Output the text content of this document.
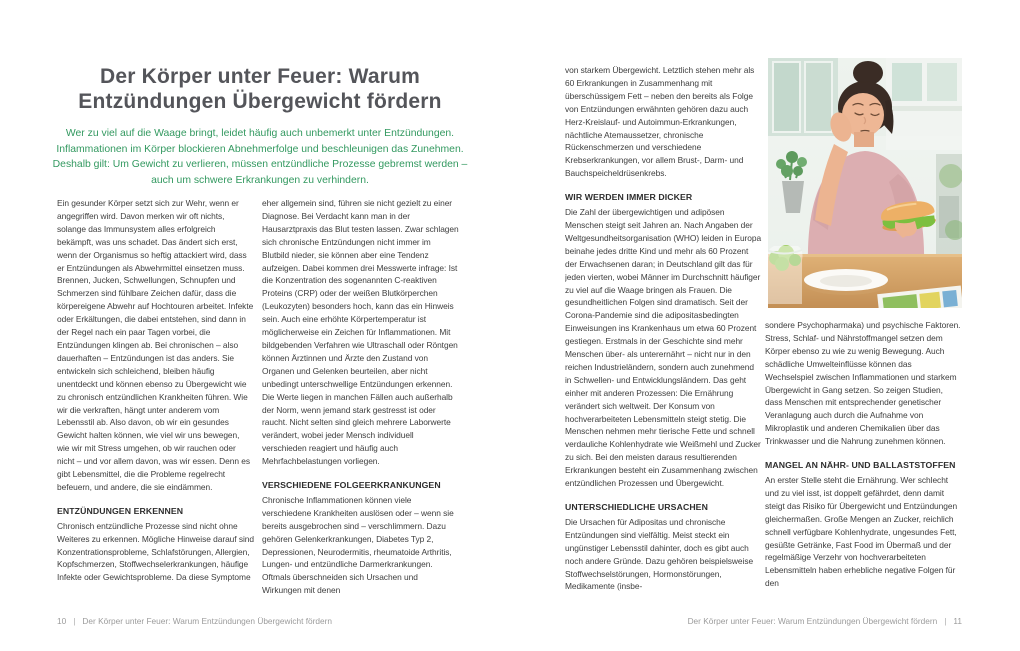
Der Körper unter Feuer: Warum
Entzündungen Übergewicht fördern

Wer zu viel auf die Waage bringt, leidet häufig auch unbemerkt unter Entzündungen. Inflammationen im Körper blockieren Abnehmerfolge und beschleunigen das Zunehmen. Deshalb gilt: Um Gewicht zu verlieren, müssen entzündliche Prozesse gebremst werden – auch um schwere Erkrankungen zu verhindern.

Ein gesunder Körper setzt sich zur Wehr, wenn er angegriffen wird. Davon merken wir oft nichts, solange das Immunsystem alles erfolgreich bekämpft, was uns schadet. Das ändert sich erst, wenn der Organismus so heftig attackiert wird, dass er Entzündungen als Abwehrmittel einsetzen muss. Brennen, Jucken, Schwellungen, Schnupfen und Schmerzen sind fühlbare Zeichen dafür, dass die körpereigene Abwehr auf Hochtouren arbeitet. Infekte oder Erkältungen, die dabei entstehen, sind dann in der Regel nach ein paar Tagen vorbei, die Entzündungen klingen ab. Bei chronischen – also dauerhaften – Entzündungen ist das anders. Sie entwickeln sich schleichend, bleiben häufig unentdeckt und können ebenso zu Übergewicht wie zu chronisch entzündlichen Krankheiten führen. Wie wir die verkraften, hängt unter anderem vom Lebensstil ab. Also davon, ob wir ein gesundes Gewicht halten können, wie viel wir uns bewegen, wie wir mit Stress umgehen, ob wir rauchen oder nicht – und vor allem davon, was wir essen. Denn es gibt Lebensmittel, die die Probleme regelrecht befeuern, und andere, die sie eindämmen.

ENTZÜNDUNGEN ERKENNEN

Chronisch entzündliche Prozesse sind nicht ohne Weiteres zu erkennen. Mögliche Hinweise darauf sind Konzentrationsprobleme, Schlafstörungen, Allergien, Kopfschmerzen, Stoffwechselerkrankungen, häufige Infekte oder Gewichtsprobleme. Da diese Symptome

eher allgemein sind, führen sie nicht gezielt zu einer Diagnose. Bei Verdacht kann man in der Hausarztpraxis das Blut testen lassen. Zwar schlagen sich chronische Entzündungen nicht immer im Blutbild nieder, sie können aber eine Tendenz aufzeigen. Dabei kommen drei Messwerte infrage: Ist die Konzentration des sogenannten C-reaktiven Proteins (CRP) oder der weißen Blutkörperchen (Leukozyten) besonders hoch, kann das ein Hinweis sein. Auch eine erhöhte Körpertemperatur ist möglicherweise ein Zeichen für Inflammationen. Mit bildgebenden Verfahren wie Ultraschall oder Röntgen können Ärztinnen und Ärzte den Zustand von Organen und Gelenken beurteilen, aber nicht unbedingt unterschwellige Entzündungen erkennen. Die Werte liegen in manchen Fällen auch außerhalb der Norm, wenn jemand stark gestresst ist oder raucht. Nicht selten sind gleich mehrere Laborwerte verändert, wobei jeder Mensch individuell verschieden reagiert und häufig auch Mehrfachbelastungen vorliegen.

VERSCHIEDENE FOLGEERKRANKUNGEN

Chronische Inflammationen können viele verschiedene Krankheiten auslösen oder – wenn sie bereits ausgebrochen sind – verschlimmern. Dazu gehören Gelenkerkrankungen, Diabetes Typ 2, Depressionen, Neurodermitis, rheumatoide Arthritis, Lungen- und entzündliche Darmerkrankungen. Oftmals überschneiden sich Ursachen und Wirkungen mit denen

10 | Der Körper unter Feuer: Warum Entzündungen Übergewicht fördern

von starkem Übergewicht. Letztlich stehen mehr als 60 Erkrankungen in Zusammenhang mit überschüssigem Fett – neben den bereits als Folge von Entzündungen erwähnten gehören dazu auch Herz-Kreislauf- und Autoimmun-Erkrankungen, nächtliche Atemaussetzer, chronische Rückenschmerzen und verschiedene Krebserkrankungen, vor allem Brust-, Darm- und Bauchspeicheldrüsenkrebs.

WIR WERDEN IMMER DICKER

Die Zahl der übergewichtigen und adipösen Menschen steigt seit Jahren an. Nach Angaben der Weltgesundheitsorganisation (WHO) leiden in Europa beinahe jedes dritte Kind und mehr als 60 Prozent der Erwachsenen daran; in Deutschland gilt das für jeden vierten, wobei Männer im Durchschnitt häufiger zu viel auf die Waage bringen als Frauen. Die gesundheitlichen Folgen sind dramatisch. Seit der Corona-Pandemie sind die adipositasbedingten Einweisungen ins Krankenhaus um etwa 60 Prozent gestiegen. Erstmals in der Geschichte sind mehr Menschen über- als unterernährt – nicht nur in den reichen Industrieländern, sondern auch zunehmend in Schwellen- und Entwicklungsländern. Das geht einher mit anderen Prozessen: Die Ernährung verändert sich weltweit. Der Konsum von hochverarbeiteten Lebensmitteln steigt stetig. Die Menschen nehmen mehr tierische Fette und schnell verdauliche Kohlenhydrate wie Weißmehl und Zucker zu sich. Bei den meisten daraus resultierenden Erkrankungen besteht ein Zusammenhang zwischen entzündlichen Prozessen und Übergewicht.

UNTERSCHIEDLICHE URSACHEN

Die Ursachen für Adipositas und chronische Entzündungen sind vielfältig. Meist steckt ein ungünstiger Lebensstil dahinter, doch es gibt auch noch andere Gründe. Dazu gehören beispielsweise Stoffwechselstörungen, Hormonstörungen, Medikamente (insbe-

sondere Psychopharmaka) und psychische Faktoren. Stress, Schlaf- und Nährstoffmangel setzen dem Körper ebenso zu wie zu wenig Bewegung. Auch schädliche Umwelteinflüsse können das Wechselspiel zwischen Inflammationen und starkem Übergewicht in Gang setzen. So zeigen Studien, dass Menschen mit entsprechender genetischer Veranlagung auch durch die Aufnahme von Mikroplastik und anderen Chemikalien über das Trinkwasser und die Nahrung zunehmen können.

MANGEL AN NÄHR- UND BALLASTSTOFFEN

An erster Stelle steht die Ernährung. Wer schlecht und zu viel isst, ist doppelt gefährdet, denn damit steigt das Risiko für Übergewicht und Entzündungen gleichermaßen. Große Mengen an Zucker, reichlich schnell verfügbare Kohlenhydrate, ungesundes Fett, gesüßte Getränke, Fast Food im Übermaß und der regelmäßige Verzehr von hochverarbeiteten Lebensmitteln haben erhebliche negative Folgen für den

Der Körper unter Feuer: Warum Entzündungen Übergewicht fördern | 11
